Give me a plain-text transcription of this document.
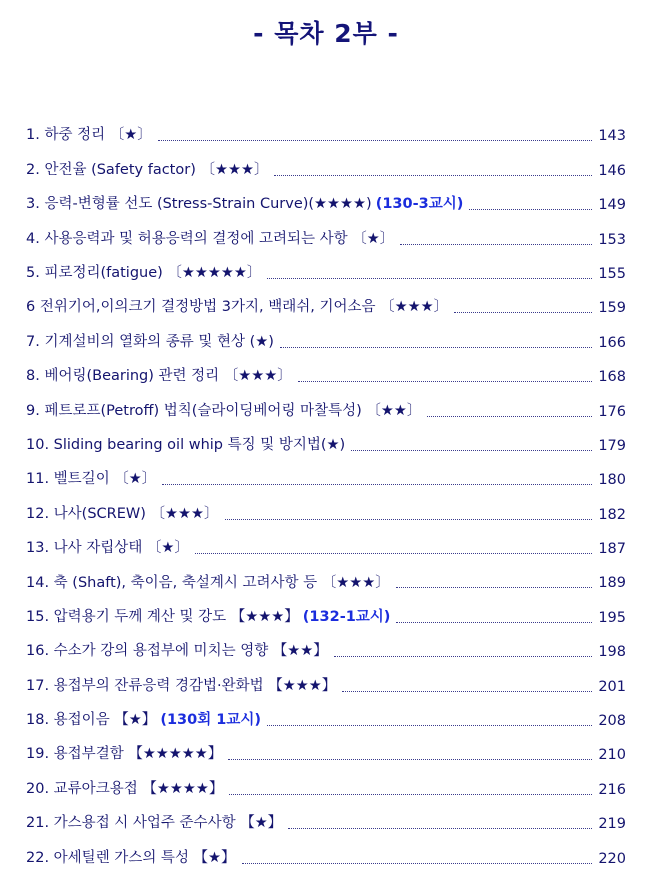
- 목차 2부 -
1. 하중 정리 〔★〕	143
2. 안전율 (Safety factor) 〔★★★〕	146
3. 응력-변형률 선도 (Stress-Strain Curve)(★★★★) (130-3교시)	149
4. 사용응력과 및 허용응력의 결정에 고려되는 사항 〔★〕	153
5. 피로정리(fatigue) 〔★★★★★〕	155
6 전위기어,이의크기 결정방법 3가지, 백래쉬, 기어소음 〔★★★〕	159
7. 기계설비의 열화의 종류 및 현상 (★)	166
8. 베어링(Bearing) 관련 정리 〔★★★〕	168
9. 페트로프(Petroff) 법칙(슬라이딩베어링 마찰특성) 〔★★〕	176
10. Sliding bearing oil whip 특징 및 방지법(★)	179
11. 벨트길이 〔★〕	180
12. 나사(SCREW) 〔★★★〕	182
13. 나사 자립상태 〔★〕	187
14. 축 (Shaft), 축이음, 축설계시 고려사항 등 〔★★★〕	189
15. 압력용기 두께 계산 및 강도 【★★★】 (132-1교시)	195
16. 수소가 강의 용접부에 미치는 영향 【★★】	198
17. 용접부의 잔류응력 경감법·완화법 【★★★】	201
18. 용접이음 【★】 (130회 1교시)	208
19. 용접부결함 【★★★★★】	210
20. 교류아크용접 【★★★★】	216
21. 가스용접 시 사업주 준수사항 【★】	219
22. 아세틸렌 가스의 특성 【★】	220
